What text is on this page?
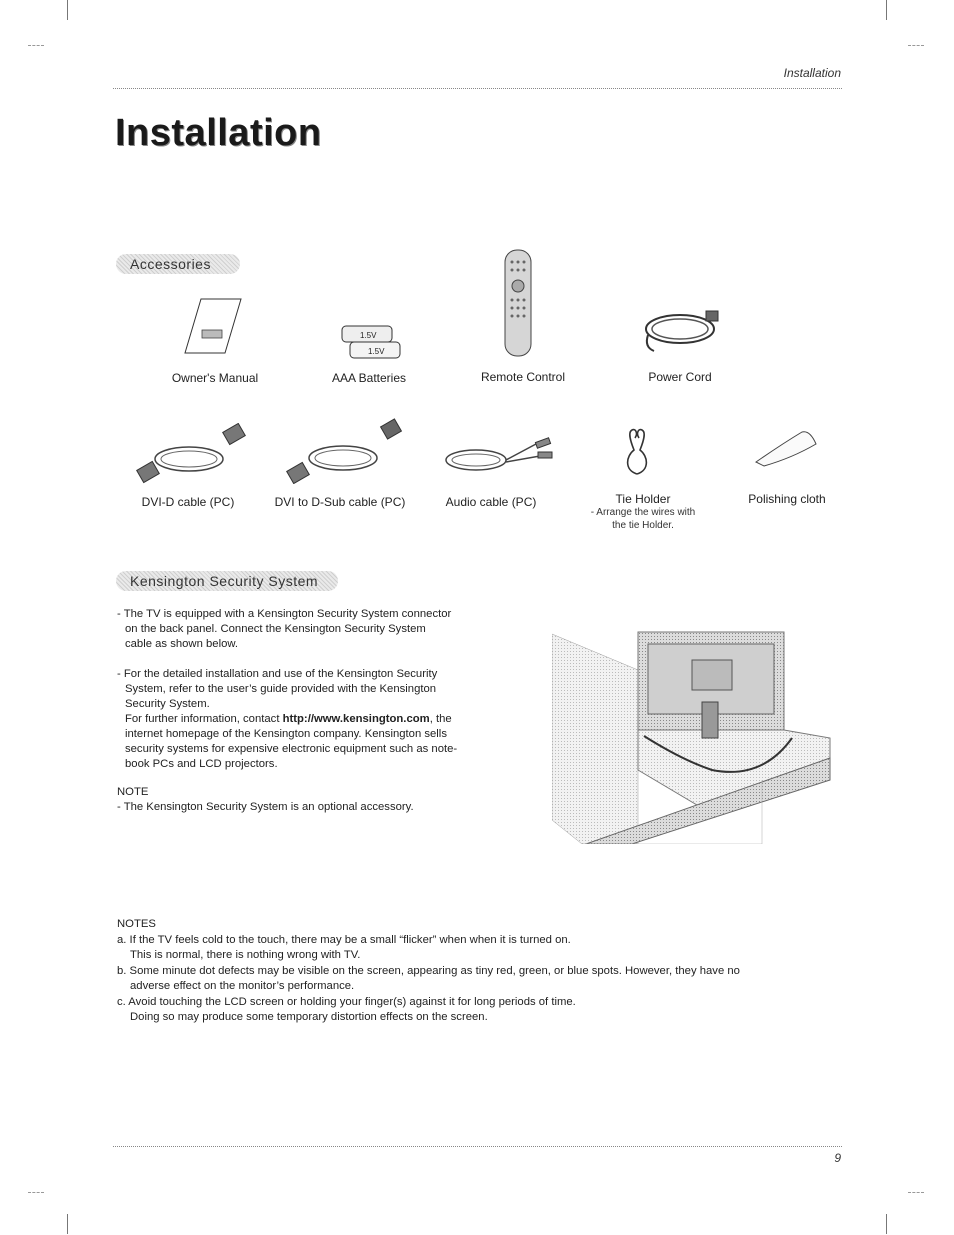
Installation
Installation
Accessories
1.5V
1.5V
Owner's Manual	AAA Batteries	Remote Control	Power Cord
DVI-D cable (PC)	DVI to D-Sub cable (PC)	Audio cable (PC)	Tie Holder
- Arrange the wires with
the tie Holder.
Polishing cloth
Kensington Security System

- The TV is equipped with a Kensington Security System connector

on the back panel. Connect the Kensington Security System

cable as shown below.

- For the detailed installation and use of the Kensington Security

System, refer to the user’s guide provided with the Kensington

Security System.

For further information, contact http://www.kensington.com, the

internet homepage of the Kensington company. Kensington sells

security systems for expensive electronic equipment such as note-

book PCs and LCD projectors.

NOTE

- The Kensington Security System is an optional accessory.

NOTES
a. If the TV feels cold to the touch, there may be a small “flicker” when when it is turned on.
This is normal, there is nothing wrong with TV.
b. Some minute dot defects may be visible on the screen, appearing as tiny red, green, or blue spots. However, they have no
adverse effect on the monitor’s performance.
c. Avoid touching the LCD screen or holding your finger(s) against it for long periods of time.
Doing so may produce some temporary distortion effects on the screen.
9
